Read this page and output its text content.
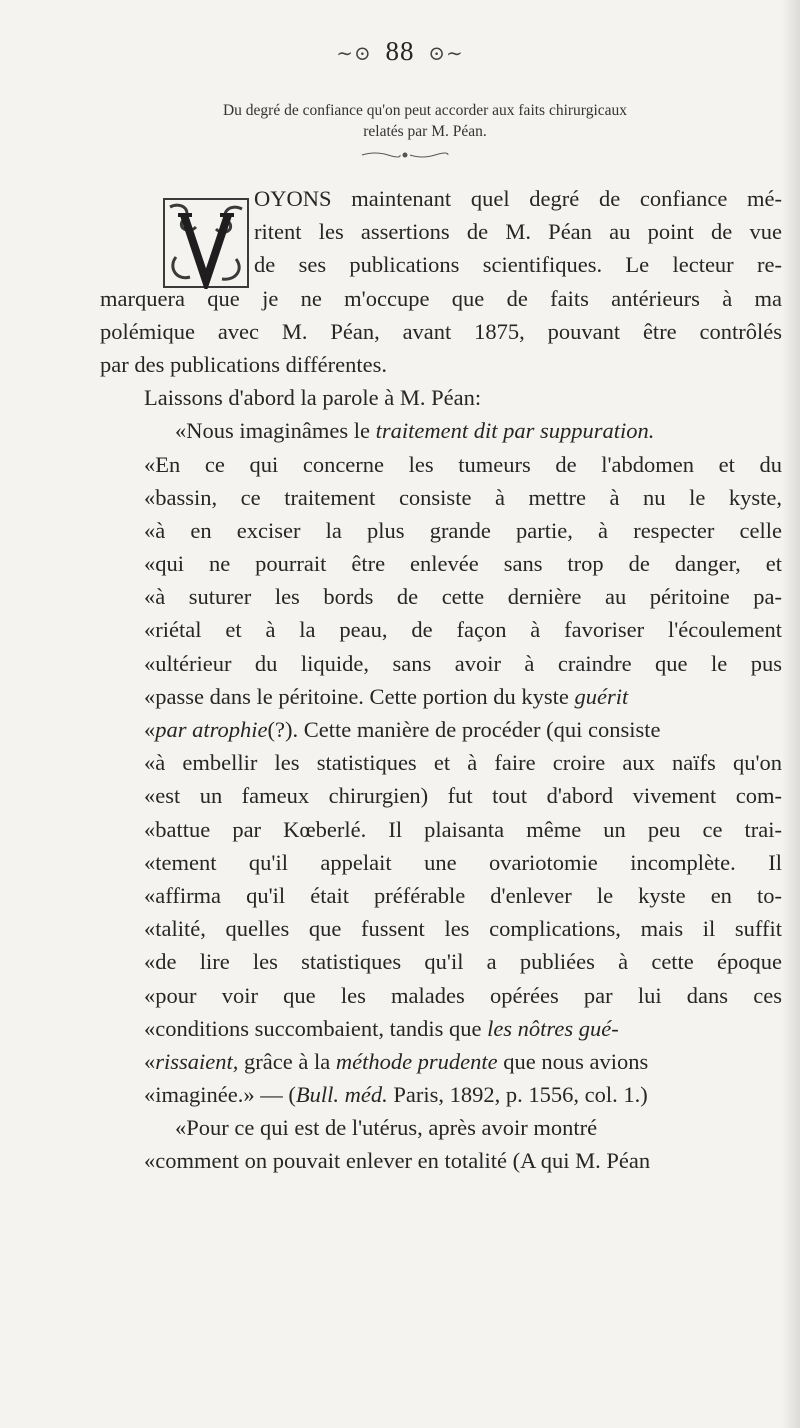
∼⊙ 88 ⊙∼
Du degré de confiance qu'on peut accorder aux faits chirurgicaux
relatés par M. Péan.
OYONS maintenant quel degré de confiance mé-
ritent les assertions de M. Péan au point de vue
de ses publications scientifiques. Le lecteur re-
marquera que je ne m'occupe que de faits antérieurs à ma
polémique avec M. Péan, avant 1875, pouvant être contrôlés
par des publications différentes.
Laissons d'abord la parole à M. Péan:
«Nous imaginâmes le traitement dit par suppuration.
«En ce qui concerne les tumeurs de l'abdomen et du
«bassin, ce traitement consiste à mettre à nu le kyste,
«à en exciser la plus grande partie, à respecter celle
«qui ne pourrait être enlevée sans trop de danger, et
«à suturer les bords de cette dernière au péritoine pa-
«riétal et à la peau, de façon à favoriser l'écoulement
«ultérieur du liquide, sans avoir à craindre que le pus
«passe dans le péritoine. Cette portion du kyste guérit
«par atrophie(?). Cette manière de procéder (qui consiste
«à embellir les statistiques et à faire croire aux naïfs qu'on
«est un fameux chirurgien) fut tout d'abord vivement com-
«battue par Kœberlé. Il plaisanta même un peu ce trai-
«tement qu'il appelait une ovariotomie incomplète. Il
«affirma qu'il était préférable d'enlever le kyste en to-
«talité, quelles que fussent les complications, mais il suffit
«de lire les statistiques qu'il a publiées à cette époque
«pour voir que les malades opérées par lui dans ces
«conditions succombaient, tandis que les nôtres gué-
«rissaient, grâce à la méthode prudente que nous avions
«imaginée.» — (Bull. méd. Paris, 1892, p. 1556, col. 1.)
«Pour ce qui est de l'utérus, après avoir montré
«comment on pouvait enlever en totalité (A qui M. Péan
